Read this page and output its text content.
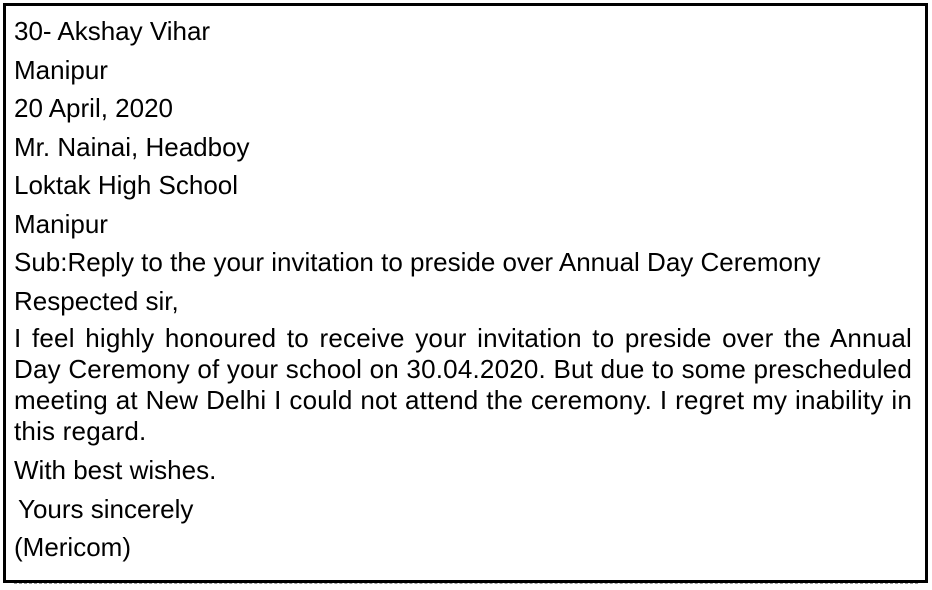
30- Akshay Vihar
Manipur
20 April, 2020
Mr. Nainai, Headboy
Loktak High School
Manipur
Sub:Reply to the your invitation to preside over Annual Day Ceremony
Respected sir,
I feel highly honoured to receive your invitation to preside over the Annual Day Ceremony of your school on 30.04.2020. But due to some prescheduled meeting at New Delhi I could not attend the ceremony. I regret my inability in this regard.
With best wishes.
Yours sincerely
(Mericom)
